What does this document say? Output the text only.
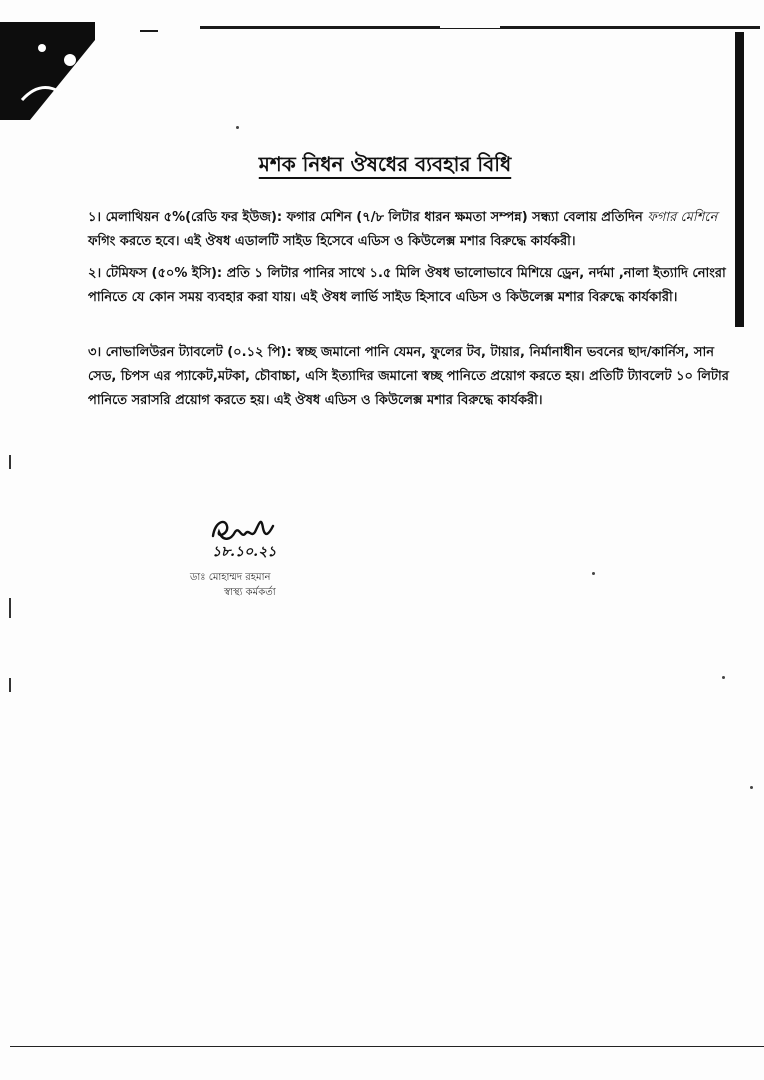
মশক নিধন ঔষধের ব্যবহার বিধি
১। মেলাথিয়ন ৫%(রেডি ফর ইউজ): ফগার মেশিন (৭/৮ লিটার ধারন ক্ষমতা সম্পন্ন) সন্ধ্যা বেলায় প্রতিদিন ফগার মেশিনে ফগিং করতে হবে। এই ঔষধ এডালটি সাইড হিসেবে এডিস ও কিউলেক্স মশার বিরুদ্ধে কার্যকরী।
২। টেমিফস (৫০% ইসি): প্রতি ১ লিটার পানির সাথে ১.৫ মিলি ঔষধ ভালোভাবে মিশিয়ে ড্রেন, নর্দমা ,নালা ইত্যাদি নোংরা পানিতে যে কোন সময় ব্যবহার করা যায়। এই ঔষধ লার্ভি সাইড হিসাবে এডিস ও কিউলেক্স মশার বিরুদ্ধে কার্যকারী।
৩। নোভালিউরন ট্যাবলেট (০.১২ পি): স্বচ্ছ জমানো পানি যেমন, ফুলের টব, টায়ার, নির্মানাধীন ভবনের ছাদ/কার্নিস, সান সেড, চিপস এর প্যাকেট,মটকা, চৌবাচ্চা, এসি ইত্যাদির জমানো স্বচ্ছ পানিতে প্রয়োগ করতে হয়। প্রতিটি ট্যাবলেট ১০ লিটার পানিতে সরাসরি প্রয়োগ করতে হয়। এই ঔষধ এডিস ও কিউলেক্স মশার বিরুদ্ধে কার্যকরী।
১৮.১০.২১
ডাঃ মোহাম্মদ রহমান
স্বাস্থ্য কর্মকর্তা
